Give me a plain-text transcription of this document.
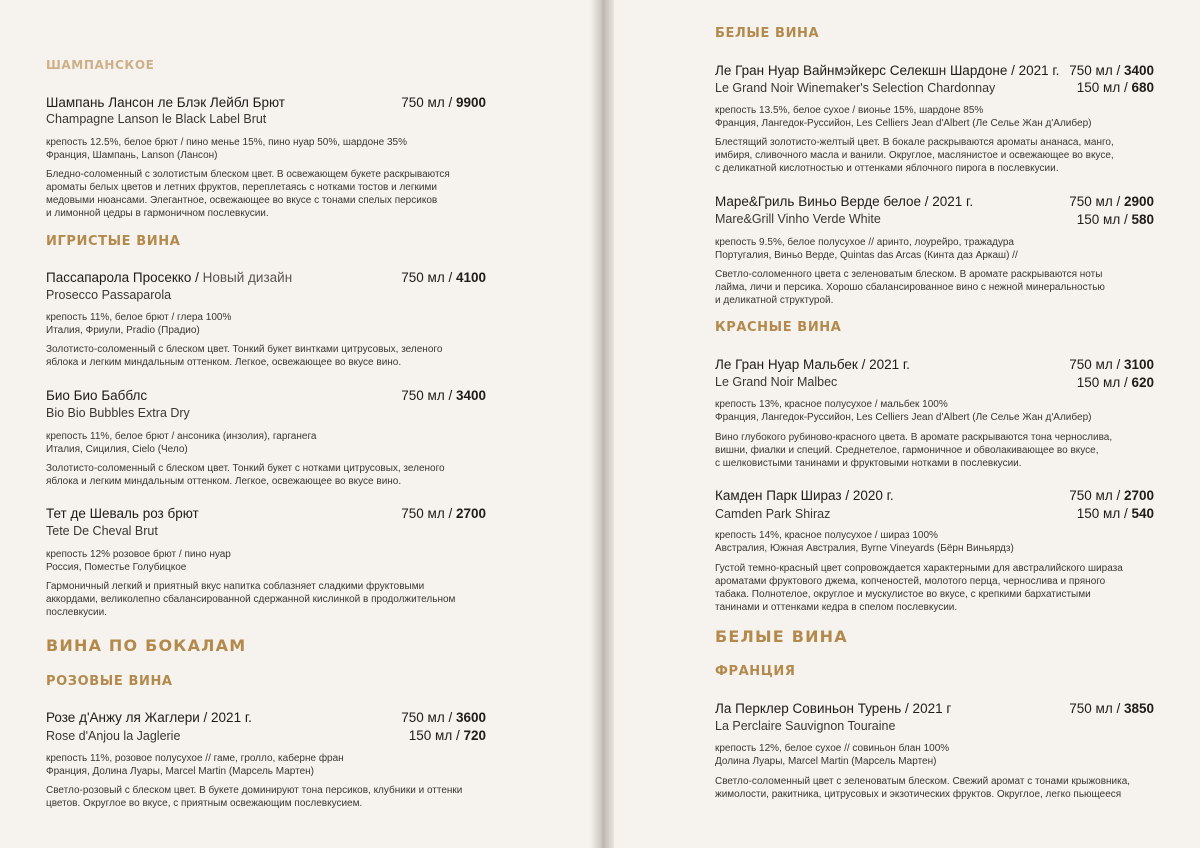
ШАМПАНСКОЕ
Шампань Лансон ле Блэк Лейбл Брют	750 мл / 9900
Champagne Lanson le Black Label Brut
крепость 12.5%, белое брют / пино менье 15%, пино нуар 50%, шардоне 35%
Франция, Шампань, Lanson (Лансон)
Бледно-соломенный с золотистым блеском цвет. В освежающем букете раскрываются
ароматы белых цветов и летних фруктов, переплетаясь с нотками тостов и легкими
медовыми нюансами. Элегантное, освежающее во вкусе с тонами спелых персиков
и лимонной цедры в гармоничном послевкусии.
ИГРИСТЫЕ ВИНА
Пассапарола Просекко / Новый дизайн	750 мл / 4100
Prosecco Passaparola
крепость 11%, белое брют / глера 100%
Италия, Фриули, Pradio (Прадио)
Золотисто-соломенный с блеском цвет. Тонкий букет винтками цитрусовых, зеленого
яблока и легким миндальным оттенком. Легкое, освежающее во вкусе вино.
Био Био Бабблс	750 мл / 3400
Bio Bio Bubbles Extra Dry
крепость 11%, белое брют / ансоника (инзолия), гарганега
Италия, Сицилия, Cielo (Чело)
Золотисто-соломенный с блеском цвет. Тонкий букет с нотками цитрусовых, зеленого
яблока и легким миндальным оттенком. Легкое, освежающее во вкусе вино.
Тет де Шеваль роз брют	750 мл / 2700
Tete De Cheval Brut
крепость 12% розовое брют / пино нуар
Россия, Поместье Голубицкое
Гармоничный легкий и приятный вкус напитка соблазняет сладкими фруктовыми
аккордами, великолепно сбалансированной сдержанной кислинкой в продолжительном
послевкусии.
ВИНА ПО БОКАЛАМ
РОЗОВЫЕ ВИНА
Розе д'Анжу ля Жаглери / 2021 г.	750 мл / 3600
Rose d'Anjou la Jaglerie	150 мл / 720
крепость 11%, розовое полусухое // гаме, гролло, каберне фран
Франция, Долина Луары, Marcel Martin (Марсель Мартен)
Светло-розовый с блеском цвет. В букете доминируют тона персиков, клубники и оттенки
цветов. Округлое во вкусе, с приятным освежающим послевкусием.
БЕЛЫЕ ВИНА
Ле Гран Нуар Вайнмэйкерс Селекшн Шардоне / 2021 г. 750 мл / 3400
Le Grand Noir Winemaker's Selection Chardonnay	150 мл / 680
крепость 13.5%, белое сухое / вионье 15%, шардоне 85%
Франция, Лангедок-Руссийон, Les Celliers Jean d'Albert (Ле Селье Жан д'Алибер)
Блестящий золотисто-желтый цвет. В бокале раскрываются ароматы ананаса, манго,
имбиря, сливочного масла и ванили. Округлое, маслянистое и освежающее во вкусе,
с деликатной кислотностью и оттенками яблочного пирога в послевкусии.
Маре&Гриль Виньо Верде белое / 2021 г.	750 мл / 2900
Mare&Grill Vinho Verde White	150 мл / 580
крепость 9.5%, белое полусухое // аринто, лоурейро, тражадура
Португалия, Виньо Верде, Quintas das Arcas (Кинта даз Аркаш) //
Светло-соломенного цвета с зеленоватым блеском. В аромате раскрываются ноты
лайма, личи и персика. Хорошо сбалансированное вино с нежной минеральностью
и деликатной структурой.
КРАСНЫЕ ВИНА
Ле Гран Нуар Мальбек / 2021 г.	750 мл / 3100
Le Grand Noir Malbec	150 мл / 620
крепость 13%, красное полусухое / мальбек 100%
Франция, Лангедок-Руссийон, Les Celliers Jean d'Albert (Ле Селье Жан д'Алибер)
Вино глубокого рубиново-красного цвета. В аромате раскрываются тона чернослива,
вишни, фиалки и специй. Среднетелое, гармоничное и обволакивающее во вкусе,
с шелковистыми танинами и фруктовыми нотками в послевкусии.
Камден Парк Шираз / 2020 г.	750 мл / 2700
Camden Park Shiraz	150 мл / 540
крепость 14%, красное полусухое / шираз 100%
Австралия, Южная Австралия, Byrne Vineyards (Бёрн Виньярдз)
Густой темно-красный цвет сопровождается характерными для австралийского шираза
ароматами фруктового джема, копченостей, молотого перца, чернослива и пряного
табака. Полнотелое, округлое и мускулистое во вкусе, с крепкими бархатистыми
танинами и оттенками кедра в спелом послевкусии.
БЕЛЫЕ ВИНА
ФРАНЦИЯ
Ла Перклер Совиньон Турень / 2021 г	750 мл / 3850
La Perclaire Sauvignon Touraine
крепость 12%, белое сухое // совиньон блан 100%
Долина Луары, Marcel Martin (Марсель Мартен)
Светло-соломенный цвет с зеленоватым блеском. Свежий аромат с тонами крыжовника,
жимолости, ракитника, цитрусовых и экзотических фруктов. Округлое, легко пьющееся
